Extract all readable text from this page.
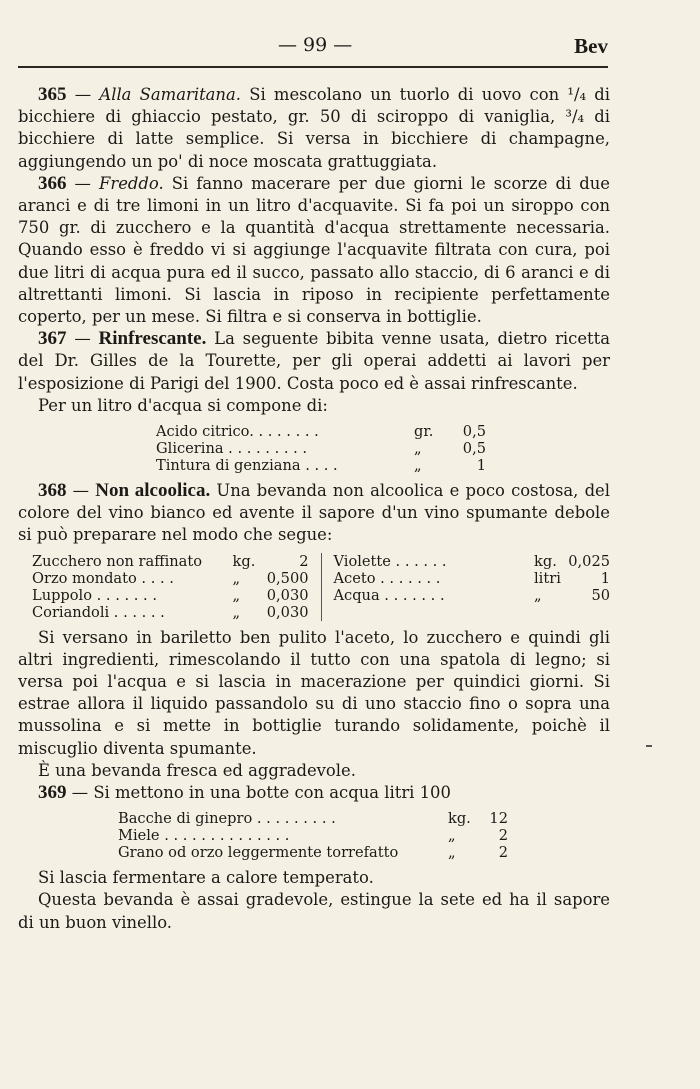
— 99 —	Bev

365 — Alla Samaritana. Si mescolano un tuorlo di uovo con ¹/₄ di bicchiere di ghiaccio pestato, gr. 50 di sciroppo di vaniglia, ³/₄ di bicchiere di latte semplice. Si versa in bicchiere di champagne, aggiungendo un po' di noce moscata grattuggiata.

366 — Freddo. Si fanno macerare per due giorni le scorze di due aranci e di tre limoni in un litro d'acquavite. Si fa poi un siroppo con 750 gr. di zucchero e la quantità d'acqua strettamente necessaria. Quando esso è freddo vi si aggiunge l'acquavite filtrata con cura, poi due litri di acqua pura ed il succo, passato allo staccio, di 6 aranci e di altrettanti limoni. Si lascia in riposo in recipiente perfettamente coperto, per un mese. Si filtra e si conserva in bottiglie.

367 — Rinfrescante. La seguente bibita venne usata, dietro ricetta del Dr. Gilles de la Tourette, per gli operai addetti ai lavori per l'esposizione di Parigi del 1900. Costa poco ed è assai rinfrescante.

Per un litro d'acqua si compone di:

Acido citrico. . . . . . . .	gr.	0,5
Glicerina . . . . . . . . .	„	0,5
Tintura di genziana . . . .	„	1

368 — Non alcoolica. Una bevanda non alcoolica e poco costosa, del colore del vino bianco ed avente il sapore d'un vino spumante debole si può preparare nel modo che segue:

Zucchero non raffinato	kg.	2
Orzo mondato . . . .	„	0,500
Luppolo . . . . . . .	„	0,030
Coriandoli . . . . . .	„	0,030
Violette . . . . . .	kg. 0,025
Aceto . . . . . . .	litri	1
Acqua . . . . . . .	„	50

Si versano in bariletto ben pulito l'aceto, lo zucchero e quindi gli altri ingredienti, rimescolando il tutto con una spatola di legno; si versa poi l'acqua e si lascia in macerazione per quindici giorni. Si estrae allora il liquido passandolo su di uno staccio fino o sopra una mussolina e si mette in bottiglie turando solidamente, poichè il miscuglio diventa spumante.

È una bevanda fresca ed aggradevole.

369 — Si mettono in una botte con acqua litri 100

Bacche di ginepro . . . . . . . . .	kg.	12
Miele . . . . . . . . . . . . . .	„	2
Grano od orzo leggermente torrefatto	„	2

Si lascia fermentare a calore temperato.

Questa bevanda è assai gradevole, estingue la sete ed ha il sapore di un buon vinello.
